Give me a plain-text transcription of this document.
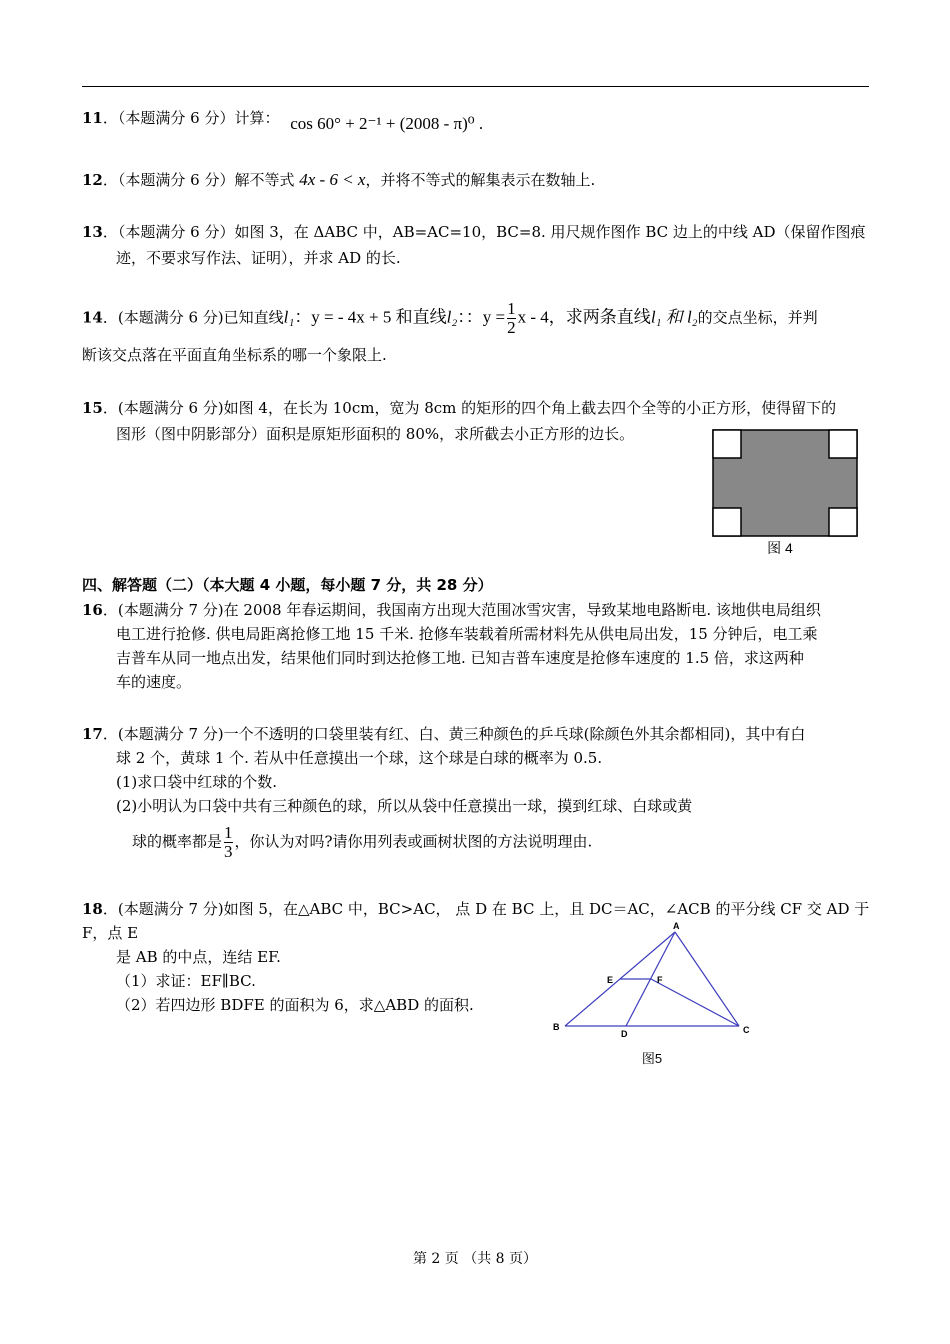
11．（本题满分 6 分）计算： cos 60° + 2⁻¹ + (2008 - π)⁰ .
12．（本题满分 6 分）解不等式 4x - 6 < x，并将不等式的解集表示在数轴上.
13．（本题满分 6 分）如图 3，在 ΔABC 中，AB=AC=10，BC=8. 用尺规作图作 BC 边上的中线 AD（保留作图痕
迹，不要求写作法、证明），并求 AD 的长.
14．(本题满分 6 分)已知直线l₁：y = - 4x + 5 和直线l₂：：$y = \frac{1}{2}$ x - 4，求两条直线l₁ 和 l₂的交点坐标，并判
断该交点落在平面直角坐标系的哪一个象限上.
15．(本题满分 6 分)如图 4，在长为 10cm，宽为 8cm 的矩形的四个角上截去四个全等的小正方形，使得留下的
图形（图中阴影部分）面积是原矩形面积的 80%，求所截去小正方形的边长。
图 4
四、解答题（二）（本大题 4 小题，每小题 7 分，共 28 分）
16．(本题满分 7 分)在 2008 年春运期间，我国南方出现大范围冰雪灾害，导致某地电路断电. 该地供电局组织
电工进行抢修. 供电局距离抢修工地 15 千米. 抢修车装载着所需材料先从供电局出发，15 分钟后，电工乘
吉普车从同一地点出发，结果他们同时到达抢修工地. 已知吉普车速度是抢修车速度的 1.5 倍，求这两种
车的速度。
17．(本题满分 7 分)一个不透明的口袋里装有红、白、黄三种颜色的乒乓球(除颜色外其余都相同)，其中有白
球 2 个，黄球 1 个. 若从中任意摸出一个球，这个球是白球的概率为 0.5.
(1)求口袋中红球的个数.
(2)小明认为口袋中共有三种颜色的球，所以从袋中任意摸出一球，摸到红球、白球或黄
球的概率都是 $\frac{1}{3}$ ，你认为对吗?请你用列表或画树状图的方法说明理由.
18．(本题满分 7 分)如图 5，在△ABC 中，BC>AC， 点 D 在 BC 上，且 DC＝AC，∠ACB 的平分线 CF 交 AD 于 F，点 E
是 AB 的中点，连结 EF.
（1）求证：EF∥BC.
（2）若四边形 BDFE 的面积为 6，求△ABD 的面积.
A
B	C
D
E	F
图5
第 2 页 （共 8 页）
